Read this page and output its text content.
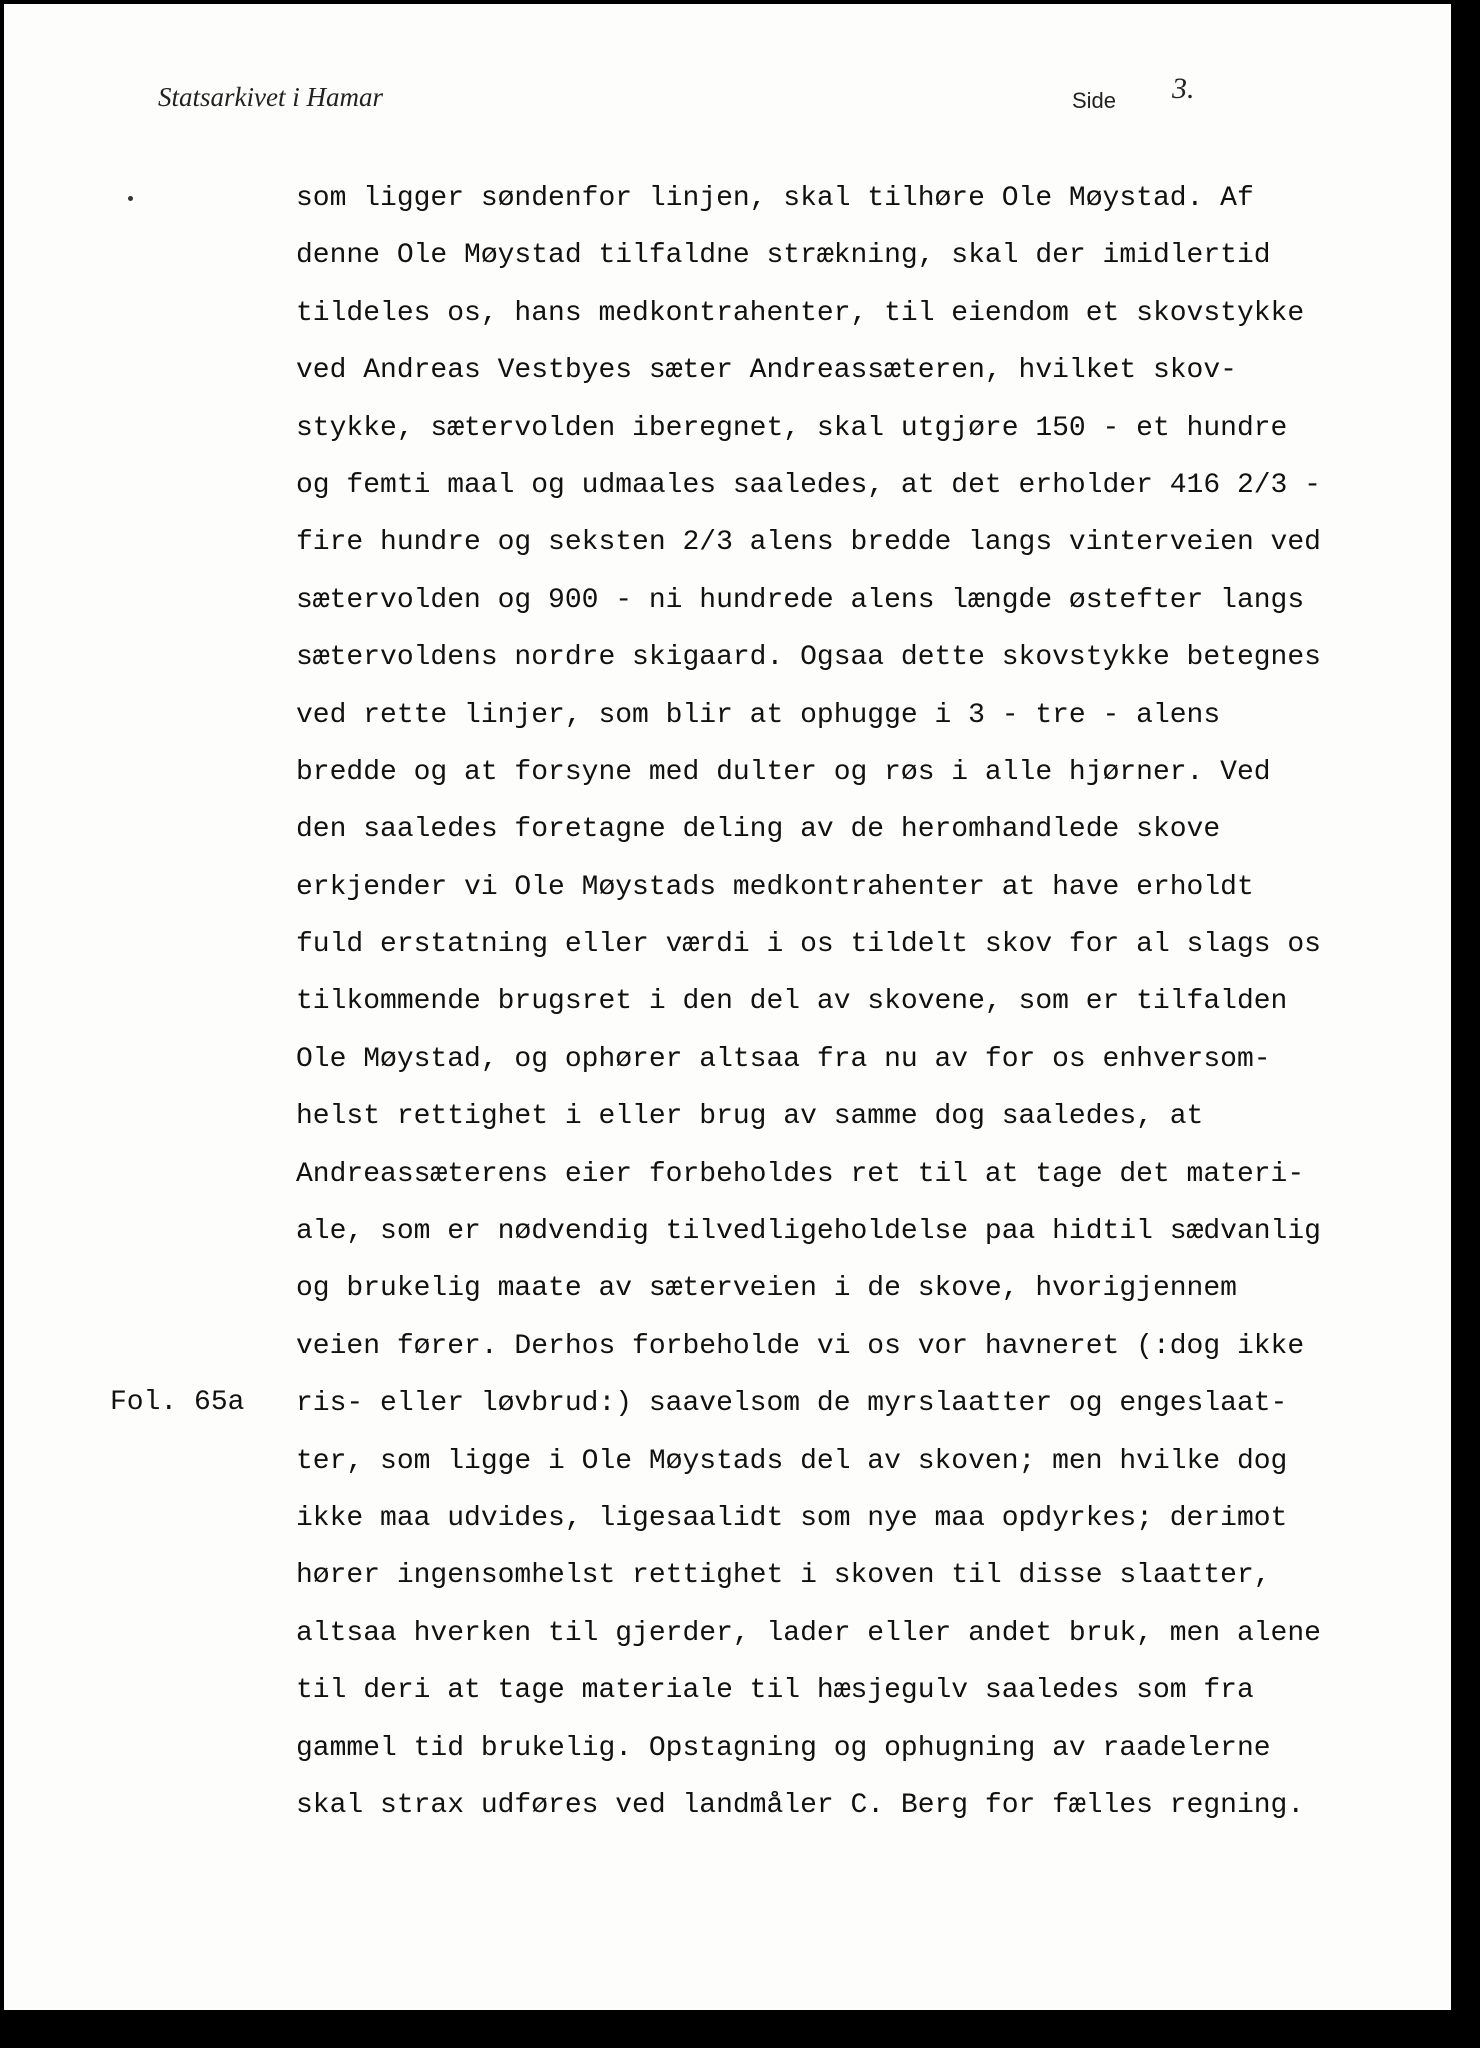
Statsarkivet i Hamar	Side 3.
Fol. 65a
som ligger søndenfor linjen, skal tilhøre Ole Møystad. Af
denne Ole Møystad tilfaldne strækning, skal der imidlertid
tildeles os, hans medkontrahenter, til eiendom et skovstykke
ved Andreas Vestbyes sæter Andreassæteren, hvilket skov-
stykke, sætervolden iberegnet, skal utgjøre 150 - et hundre
og femti maal og udmaales saaledes, at det erholder 416 2/3 -
fire hundre og seksten 2/3 alens bredde langs vinterveien ved
sætervolden og 900 - ni hundrede alens længde østefter langs
sætervoldens nordre skigaard. Ogsaa dette skovstykke betegnes
ved rette linjer, som blir at ophugge i 3 - tre - alens
bredde og at forsyne med dulter og røs i alle hjørner. Ved
den saaledes foretagne deling av de heromhandlede skove
erkjender vi Ole Møystads medkontrahenter at have erholdt
fuld erstatning eller værdi i os tildelt skov for al slags os
tilkommende brugsret i den del av skovene, som er tilfalden
Ole Møystad, og ophører altsaa fra nu av for os enhversom-
helst rettighet i eller brug av samme dog saaledes, at
Andreassæterens eier forbeholdes ret til at tage det materi-
ale, som er nødvendig tilvedligeholdelse paa hidtil sædvanlig
og brukelig maate av sæterveien i de skove, hvorigjennem
veien fører. Derhos forbeholde vi os vor havneret (:dog ikke
ris- eller løvbrud:) saavelsom de myrslaatter og engeslaat-
ter, som ligge i Ole Møystads del av skoven; men hvilke dog
ikke maa udvides, ligesaalidt som nye maa opdyrkes; derimot
hører ingensomhelst rettighet i skoven til disse slaatter,
altsaa hverken til gjerder, lader eller andet bruk, men alene
til deri at tage materiale til hæsjegulv saaledes som fra
gammel tid brukelig. Opstagning og ophugning av raadelerne
skal strax udføres ved landmåler C. Berg for fælles regning.
